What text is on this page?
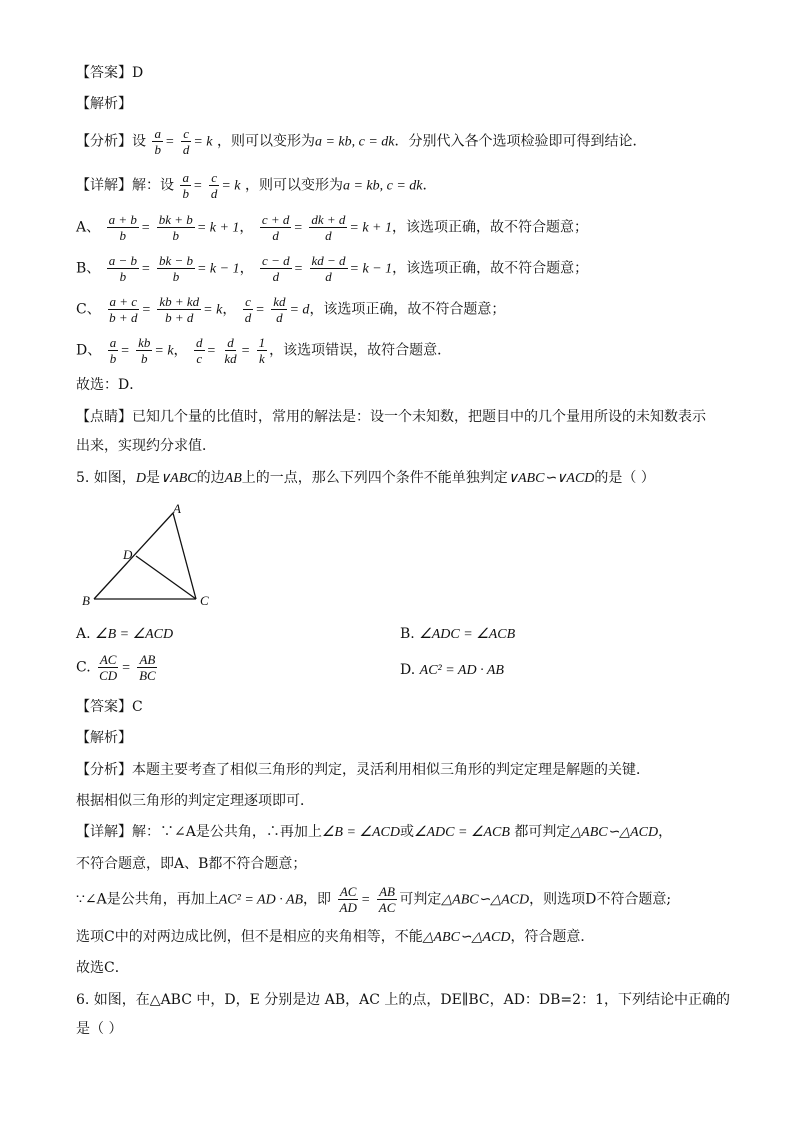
【答案】D
【解析】
【分析】设 $\frac{a}{b} = \frac{c}{d} = k$ ，则可以变形为a = kb, c = dk．分别代入各个选项检验即可得到结论．
【详解】解：设 $\frac{a}{b} = \frac{c}{d} = k$ ，则可以变形为a = kb, c = dk．
A、 $\frac{a + b}{b} = \frac{bk + b}{b} = k + 1$， $\frac{c + d}{d} = \frac{dk + d}{d} = k + 1$，该选项正确，故不符合题意；
B、 $\frac{a - b}{b} = \frac{bk - b}{b} = k - 1$， $\frac{c - d}{d} = \frac{kd - d}{d} = k - 1$，该选项正确，故不符合题意；
C、 $\frac{a + c}{b + d} = \frac{kb + kd}{b + d} = k$， $\frac{c}{d} = \frac{kd}{d} = d$，该选项正确，故不符合题意；
D、 $\frac{a}{b} = \frac{kb}{b} = k$， $\frac{d}{c} = \frac{d}{kd} = \frac{1}{k}$ ，该选项错误，故符合题意．
故选：D．
【点睛】已知几个量的比值时，常用的解法是：设一个未知数，把题目中的几个量用所设的未知数表示
出来，实现约分求值．
5. 如图，D是∨ABC的边AB上的一点，那么下列四个条件不能单独判定∨ABC∽∨ACD的是（ ）
A
D
B	C
A. ∠B = ∠ACD	B. ∠ADC = ∠ACB
C. $\frac{AC}{CD} = \frac{AB}{BC}$	D. AC² = AD · AB
【答案】C
【解析】
【分析】本题主要考查了相似三角形的判定，灵活利用相似三角形的判定定理是解题的关键．
根据相似三角形的判定定理逐项即可．
【详解】解：∵∠A是公共角，∴再加上∠B = ∠ACD或∠ADC = ∠ACB 都可判定△ABC∽△ACD，
不符合题意，即A、B都不符合题意；
∵∠A是公共角，再加上AC² = AD · AB，即 $\frac{AC}{AD} = \frac{AB}{AC}$ 可判定△ABC∽△ACD，则选项D不符合题意;
选项C中的对两边成比例，但不是相应的夹角相等，不能△ABC∽△ACD，符合题意．
故选C．
6. 如图，在△ABC 中，D，E 分别是边 AB，AC 上的点，DE∥BC，AD：DB=2：1，下列结论中正确的
是（ ）
